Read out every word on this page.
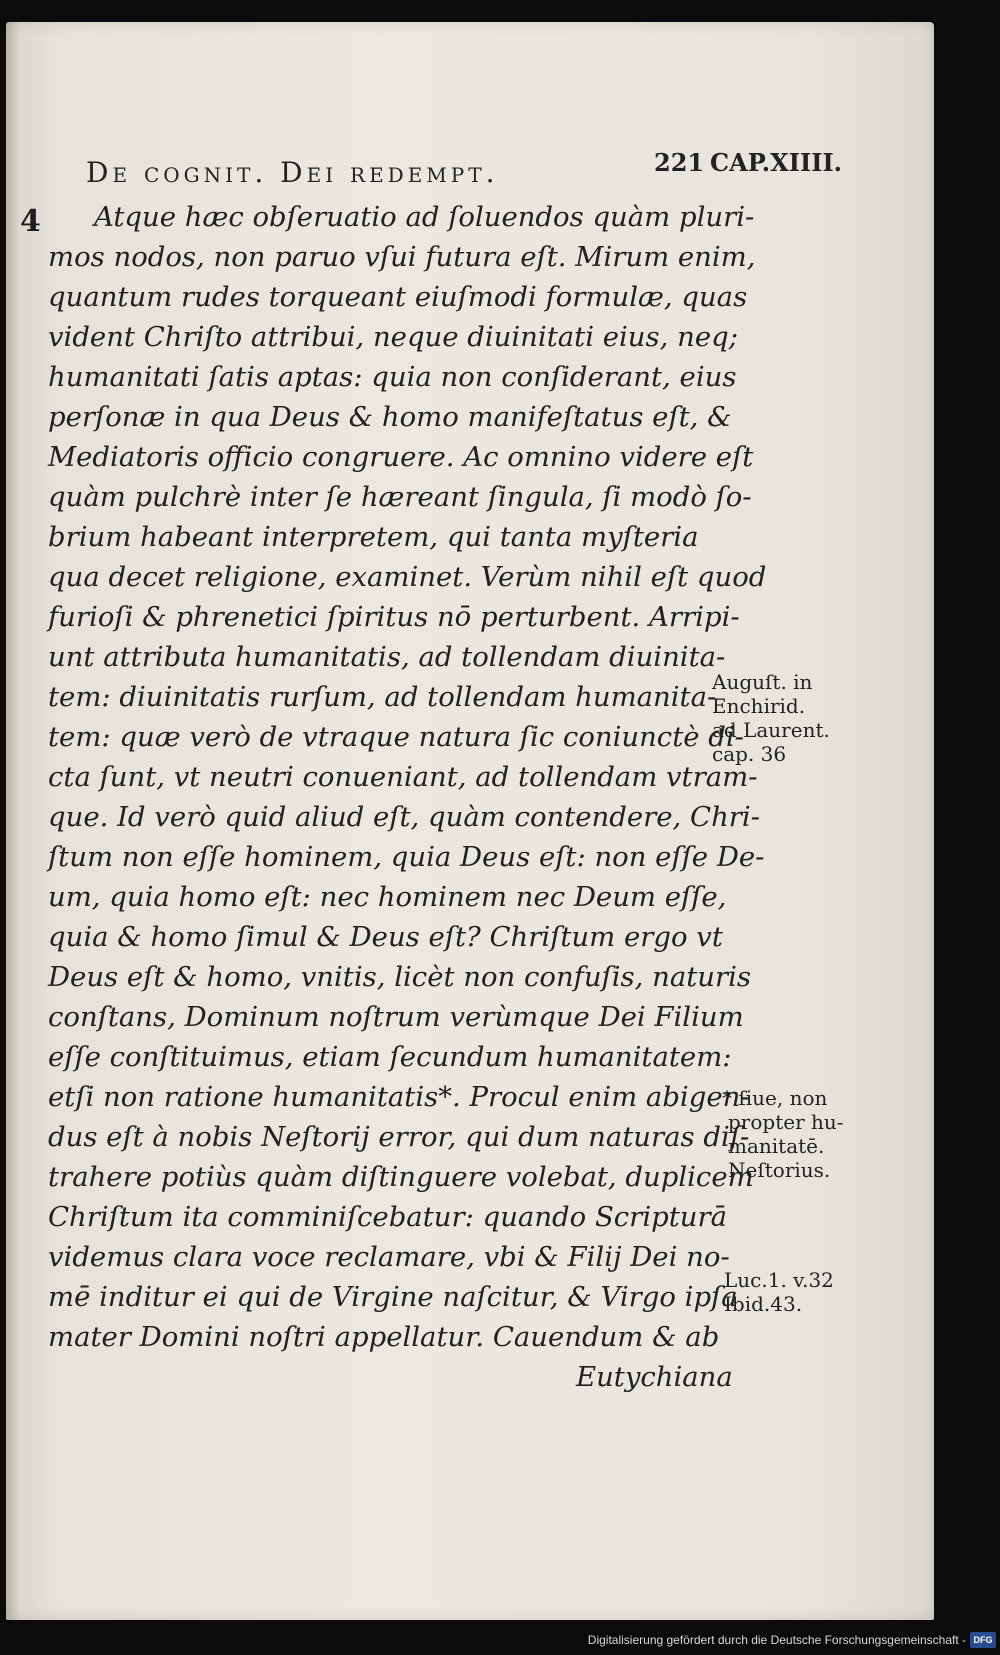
De cognit. Dei redempt.	221 CAP.XIIII.
4 Atque hæc obſeruatio ad ſoluendos quàm pluri-
mos nodos, non paruo vſui futura eſt. Mirum enim,
quantum rudes torqueant eiuſmodi formulæ, quas
vident Chriſto attribui, neque diuinitati eius, neq;
humanitati ſatis aptas: quia non conſiderant, eius
perſonæ in qua Deus & homo manifeſtatus eſt, &
Mediatoris officio congruere. Ac omnino videre eſt
quàm pulchrè inter ſe hæreant ſingula, ſi modò ſo-
brium habeant interpretem, qui tanta myſteria
qua decet religione, examinet. Verùm nihil eſt quod
furioſi & phrenetici ſpiritus nō perturbent. Arripi-
unt attributa humanitatis, ad tollendam diuinita-
tem: diuinitatis rurſum, ad tollendam humanita-
tem: quæ verò de vtraque natura ſic coniunctè di-
cta ſunt, vt neutri conueniant, ad tollendam vtram-
que. Id verò quid aliud eſt, quàm contendere, Chri-
ſtum non eſſe hominem, quia Deus eſt: non eſſe De-
um, quia homo eſt: nec hominem nec Deum eſſe,
quia & homo ſimul & Deus eſt? Chriſtum ergo vt
Deus eſt & homo, vnitis, licèt non confuſis, naturis
conſtans, Dominum noſtrum verùmque Dei Filium
eſſe conſtituimus, etiam ſecundum humanitatem:
etſi non ratione humanitatis*. Procul enim abigen-
dus eſt à nobis Neſtorij error, qui dum naturas diſ-
trahere potiùs quàm diſtinguere volebat, duplicem
Chriſtum ita comminiſcebatur: quando Scripturā
videmus clara voce reclamare, vbi & Filij Dei no-
mē inditur ei qui de Virgine naſcitur, & Virgo ipſa
mater Domini noſtri appellatur. Cauendum & ab
Eutychiana
Auguſt. in
Enchirid.
ad Laurent.
cap. 36
* ſiue, non
propter hu-
manitatē.
Neſtorius.
Luc.1. v.32
Ibid.43.
Digitalisierung gefördert durch die Deutsche Forschungsgemeinschaft - DFG
